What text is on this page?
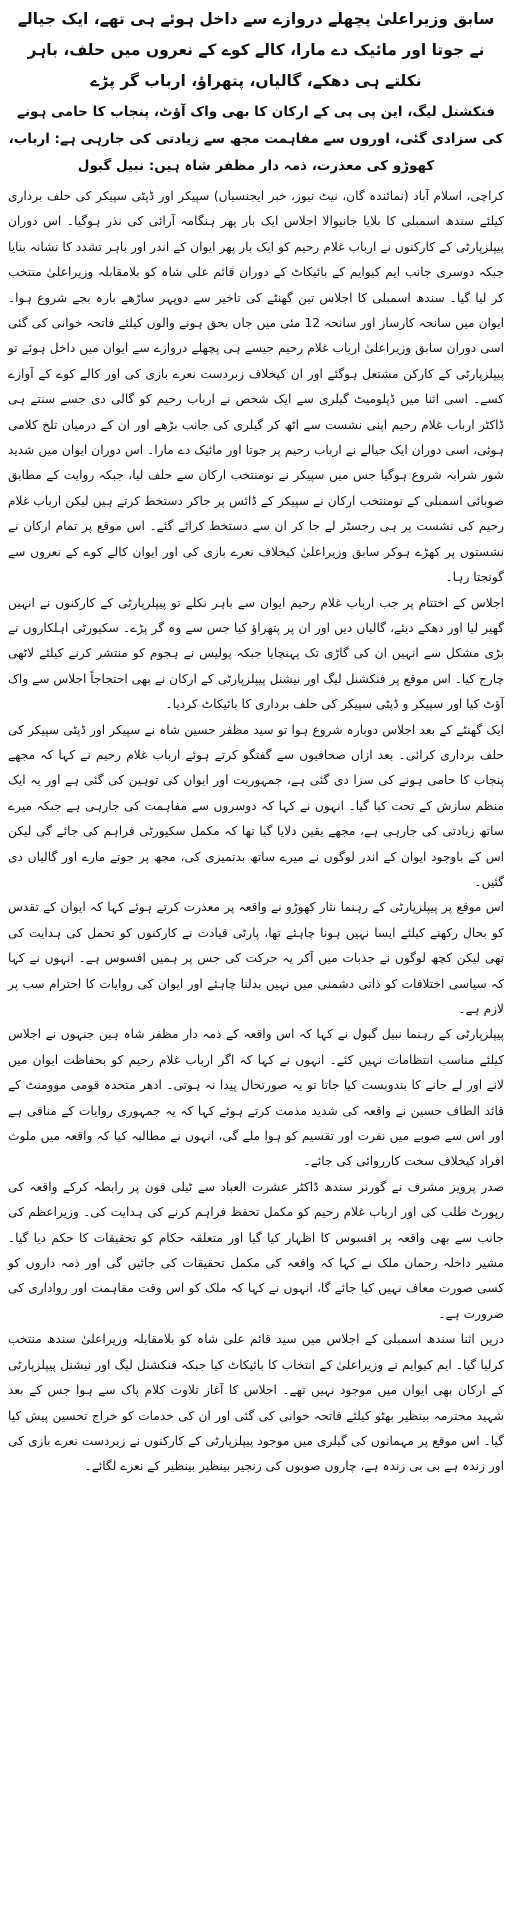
سابق وزیراعلیٰ پچھلے دروازے سے داخل ہوئے ہی تھے، ایک جیالے نے جوتا اور مائیک دے مارا، کالے کوے کے نعروں میں حلف، باہر نکلتے ہی دھکے، گالیاں، پتھراؤ، ارباب گر پڑے
فنکشنل لیگ، این پی پی کے ارکان کا بھی واک آؤٹ، پنجاب کا حامی ہونے کی سزادی گئی، اوروں سے مفاہمت مجھ سے زیادتی کی جارہی ہے: ارباب، کھوڑو کی معذرت، ذمہ دار مظفر شاہ ہیں: نبیل گبول

کراچی، اسلام آباد (نمائندہ گان، نیٹ نیوز، خبر ایجنسیاں) سپیکر اور ڈپٹی سپیکر کی حلف برداری کیلئے سندھ اسمبلی کا بلایا جانیوالا اجلاس ایک بار پھر ہنگامہ آرائی کی نذر ہوگیا۔ اس دوران پیپلزپارٹی کے کارکنوں نے ارباب غلام رحیم کو ایک بار پھر ایوان کے اندر اور باہر تشدد کا نشانہ بنایا جبکہ دوسری جانب ایم کیوایم کے بائیکاٹ کے دوران قائم علی شاہ کو بلامقابلہ وزیراعلیٰ منتخب کر لیا گیا۔ سندھ اسمبلی کا اجلاس تین گھنٹے کی تاخیر سے دوپہر ساڑھے بارہ بجے شروع ہوا۔ ایوان میں سانحہ کارساز اور سانحہ 12 مئی میں جاں بحق ہونے والوں کیلئے فاتحہ خوانی کی گئی اسی دوران سابق وزیراعلیٰ ارباب غلام رحیم جیسے ہی پچھلے دروازے سے ایوان میں داخل ہوئے تو پیپلزپارٹی کے کارکن مشتعل ہوگئے اور ان کیخلاف زبردست نعرے بازی کی اور کالے کوے کے آوازے کسے۔ اسی اثنا میں ڈپلومیٹ گیلری سے ایک شخص نے ارباب رحیم کو گالی دی جسے سنتے ہی ڈاکٹر ارباب غلام رحیم اپنی نشست سے اٹھ کر گیلری کی جانب بڑھے اور ان کے درمیان تلخ کلامی ہوئی، اسی دوران ایک جیالے نے ارباب رحیم پر جوتا اور مائیک دے مارا۔ اس دوران ایوان میں شدید شور شرابہ شروع ہوگیا جس میں سپیکر نے نومنتخب ارکان سے حلف لیا، جبکہ روایت کے مطابق صوبائی اسمبلی کے نومنتخب ارکان نے سپیکر کے ڈائس پر جاکر دستخط کرتے ہیں لیکن ارباب غلام رحیم کی نشست پر ہی رجسٹر لے جا کر ان سے دستخط کرائے گئے۔ اس موقع پر تمام ارکان نے نشستوں پر کھڑے ہوکر سابق وزیراعلیٰ کیخلاف نعرے بازی کی اور ایوان کالے کوے کے نعروں سے گونجتا رہا۔

اجلاس کے اختتام پر جب ارباب غلام رحیم ایوان سے باہر نکلے تو پیپلزپارٹی کے کارکنوں نے انہیں گھیر لیا اور دھکے دیئے، گالیاں دیں اور ان پر پتھراؤ کیا جس سے وہ گر پڑے۔ سکیورٹی اہلکاروں نے بڑی مشکل سے انہیں ان کی گاڑی تک پہنچایا جبکہ پولیس نے ہجوم کو منتشر کرنے کیلئے لاٹھی چارج کیا۔ اس موقع پر فنکشنل لیگ اور نیشنل پیپلزپارٹی کے ارکان نے بھی احتجاجاً اجلاس سے واک آؤٹ کیا اور سپیکر و ڈپٹی سپیکر کی حلف برداری کا بائیکاٹ کردیا۔

ایک گھنٹے کے بعد اجلاس دوبارہ شروع ہوا تو سید مظفر حسین شاہ نے سپیکر اور ڈپٹی سپیکر کی حلف برداری کرائی۔ بعد ازاں صحافیوں سے گفتگو کرتے ہوئے ارباب غلام رحیم نے کہا کہ مجھے پنجاب کا حامی ہونے کی سزا دی گئی ہے، جمہوریت اور ایوان کی توہین کی گئی ہے اور یہ ایک منظم سازش کے تحت کیا گیا۔ انہوں نے کہا کہ دوسروں سے مفاہمت کی جارہی ہے جبکہ میرے ساتھ زیادتی کی جارہی ہے، مجھے یقین دلایا گیا تھا کہ مکمل سکیورٹی فراہم کی جائے گی لیکن اس کے باوجود ایوان کے اندر لوگوں نے میرے ساتھ بدتمیزی کی، مجھ پر جوتے مارے اور گالیاں دی گئیں۔

اس موقع پر پیپلزپارٹی کے رہنما نثار کھوڑو نے واقعہ پر معذرت کرتے ہوئے کہا کہ ایوان کے تقدس کو بحال رکھنے کیلئے ایسا نہیں ہونا چاہئے تھا، پارٹی قیادت نے کارکنوں کو تحمل کی ہدایت کی تھی لیکن کچھ لوگوں نے جذبات میں آکر یہ حرکت کی جس پر ہمیں افسوس ہے۔ انہوں نے کہا کہ سیاسی اختلافات کو ذاتی دشمنی میں نہیں بدلنا چاہئے اور ایوان کی روایات کا احترام سب پر لازم ہے۔

پیپلزپارٹی کے رہنما نبیل گبول نے کہا کہ اس واقعہ کے ذمہ دار مظفر شاہ ہیں جنہوں نے اجلاس کیلئے مناسب انتظامات نہیں کئے۔ انہوں نے کہا کہ اگر ارباب غلام رحیم کو بحفاظت ایوان میں لانے اور لے جانے کا بندوبست کیا جاتا تو یہ صورتحال پیدا نہ ہوتی۔ ادھر متحدہ قومی موومنٹ کے قائد الطاف حسین نے واقعہ کی شدید مذمت کرتے ہوئے کہا کہ یہ جمہوری روایات کے منافی ہے اور اس سے صوبے میں نفرت اور تقسیم کو ہوا ملے گی، انہوں نے مطالبہ کیا کہ واقعہ میں ملوث افراد کیخلاف سخت کارروائی کی جائے۔

صدر پرویز مشرف نے گورنر سندھ ڈاکٹر عشرت العباد سے ٹیلی فون پر رابطہ کرکے واقعہ کی رپورٹ طلب کی اور ارباب غلام رحیم کو مکمل تحفظ فراہم کرنے کی ہدایت کی۔ وزیراعظم کی جانب سے بھی واقعہ پر افسوس کا اظہار کیا گیا اور متعلقہ حکام کو تحقیقات کا حکم دیا گیا۔ مشیر داخلہ رحمان ملک نے کہا کہ واقعہ کی مکمل تحقیقات کی جائیں گی اور ذمہ داروں کو کسی صورت معاف نہیں کیا جائے گا، انہوں نے کہا کہ ملک کو اس وقت مفاہمت اور رواداری کی ضرورت ہے۔

دریں اثنا سندھ اسمبلی کے اجلاس میں سید قائم علی شاہ کو بلامقابلہ وزیراعلیٰ سندھ منتخب کرلیا گیا۔ ایم کیوایم نے وزیراعلیٰ کے انتخاب کا بائیکاٹ کیا جبکہ فنکشنل لیگ اور نیشنل پیپلزپارٹی کے ارکان بھی ایوان میں موجود نہیں تھے۔ اجلاس کا آغاز تلاوت کلام پاک سے ہوا جس کے بعد شہید محترمہ بینظیر بھٹو کیلئے فاتحہ خوانی کی گئی اور ان کی خدمات کو خراج تحسین پیش کیا گیا۔ اس موقع پر مہمانوں کی گیلری میں موجود پیپلزپارٹی کے کارکنوں نے زبردست نعرے بازی کی اور زندہ ہے بی بی زندہ ہے، چاروں صوبوں کی زنجیر بینظیر بینظیر کے نعرے لگائے۔
